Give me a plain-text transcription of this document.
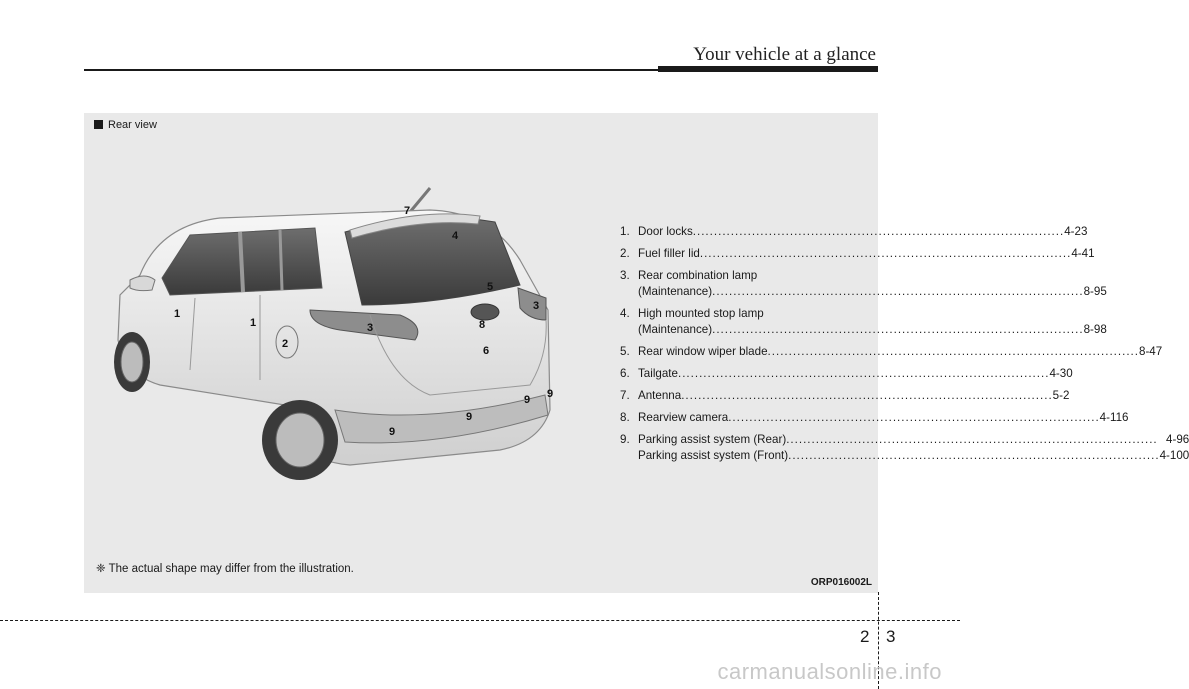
Your vehicle at a glance
Rear view
1
1
2
3
3
4
5
6
7
8
9
9
9 9
1. Door locks .....	4-23
2. Fuel filler lid .....	4-41
3. Rear combination lamp
(Maintenance) .....	8-95
4. High mounted stop lamp
(Maintenance) .....	8-98
5. Rear window wiper blade .....	8-47
6. Tailgate .....	4-30
7. Antenna .....	5-2
8. Rearview camera .....	4-116
9. Parking assist system (Rear) .....	4-96
Parking assist system (Front) .....	4-100
❈ The actual shape may differ from the illustration.
ORP016002L
2 3
carmanualsonline.info
